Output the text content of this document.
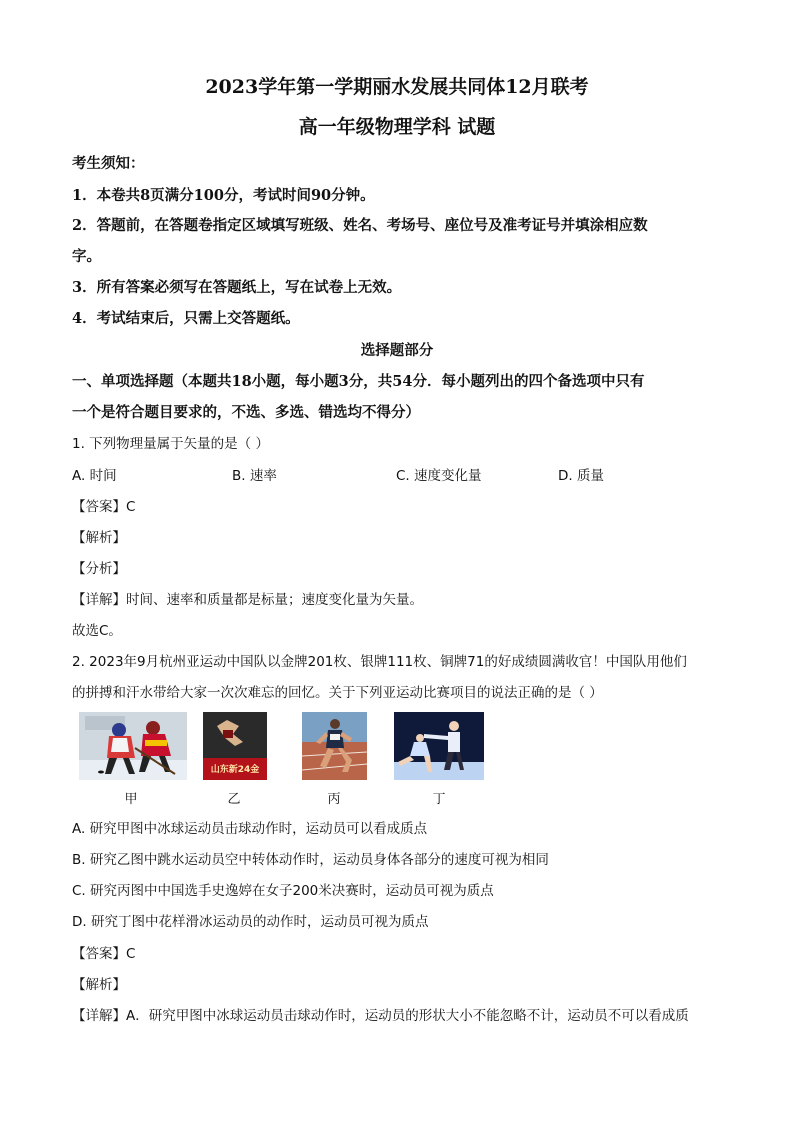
2023学年第一学期丽水发展共同体12月联考
高一年级物理学科 试题
考生须知：
1．本卷共8页满分100分，考试时间90分钟。
2．答题前，在答题卷指定区域填写班级、姓名、考场号、座位号及准考证号并填涂相应数
字。
3．所有答案必须写在答题纸上，写在试卷上无效。
4．考试结束后，只需上交答题纸。
选择题部分
一、单项选择题（本题共18小题，每小题3分，共54分．每小题列出的四个备选项中只有
一个是符合题目要求的，不选、多选、错选均不得分）
1. 下列物理量属于矢量的是（ ）
A. 时间	B. 速率	C. 速度变化量	D. 质量
【答案】C
【解析】
【分析】
【详解】时间、速率和质量都是标量；速度变化量为矢量。
故选C。
2. 2023年9月杭州亚运动中国队以金牌201枚、银牌111枚、铜牌71的好成绩圆满收官！中国队用他们
的拼搏和汗水带给大家一次次难忘的回忆。关于下列亚运动比赛项目的说法正确的是（ ）
山东新24金
甲	乙	丙	丁
A. 研究甲图中冰球运动员击球动作时，运动员可以看成质点
B. 研究乙图中跳水运动员空中转体动作时，运动员身体各部分的速度可视为相同
C. 研究丙图中中国选手史逸婷在女子200米决赛时，运动员可视为质点
D. 研究丁图中花样滑冰运动员的动作时，运动员可视为质点
【答案】C
【解析】
【详解】A．研究甲图中冰球运动员击球动作时，运动员的形状大小不能忽略不计，运动员不可以看成质
